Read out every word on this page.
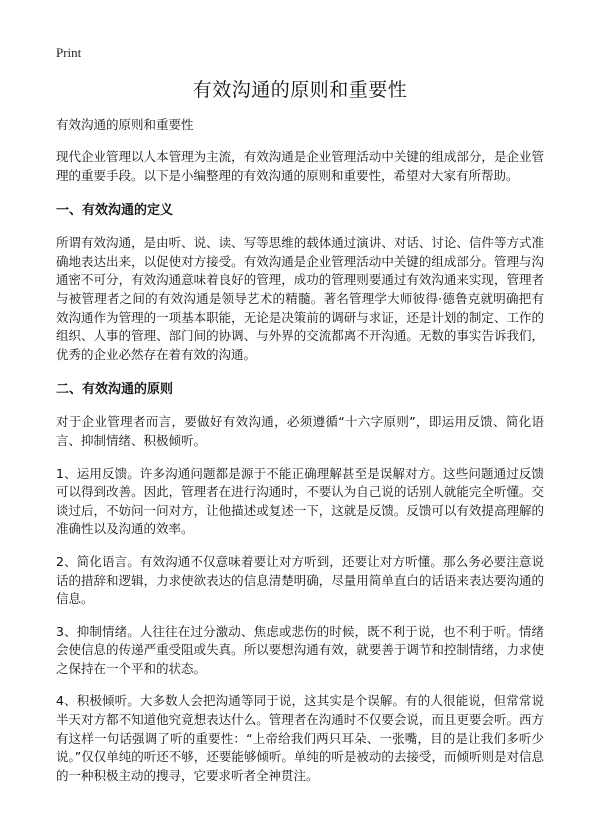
Print
有效沟通的原则和重要性
有效沟通的原则和重要性

现代企业管理以人本管理为主流，有效沟通是企业管理活动中关键的组成部分，是企业管理的重要手段。以下是小编整理的有效沟通的原则和重要性，希望对大家有所帮助。

一、有效沟通的定义

所谓有效沟通，是由听、说、读、写等思维的载体通过演讲、对话、讨论、信件等方式准确地表达出来，以促使对方接受。有效沟通是企业管理活动中关键的组成部分。管理与沟通密不可分，有效沟通意味着良好的管理，成功的管理则要通过有效沟通来实现，管理者与被管理者之间的有效沟通是领导艺术的精髓。著名管理学大师彼得·德鲁克就明确把有效沟通作为管理的一项基本职能，无论是决策前的调研与求证，还是计划的制定、工作的组织、人事的管理、部门间的协调、与外界的交流都离不开沟通。无数的事实告诉我们，优秀的企业必然存在着有效的沟通。

二、有效沟通的原则

对于企业管理者而言，要做好有效沟通，必须遵循“十六字原则”，即运用反馈、简化语言、抑制情绪、积极倾听。

1、运用反馈。许多沟通问题都是源于不能正确理解甚至是误解对方。这些问题通过反馈可以得到改善。因此，管理者在进行沟通时，不要认为自己说的话别人就能完全听懂。交谈过后，不妨问一问对方，让他描述或复述一下，这就是反馈。反馈可以有效提高理解的准确性以及沟通的效率。

2、简化语言。有效沟通不仅意味着要让对方听到，还要让对方听懂。那么务必要注意说话的措辞和逻辑，力求使欲表达的信息清楚明确，尽量用简单直白的话语来表达要沟通的信息。

3、抑制情绪。人往往在过分激动、焦虑或悲伤的时候，既不利于说，也不利于听。情绪会使信息的传递严重受阻或失真。所以要想沟通有效，就要善于调节和控制情绪，力求使之保持在一个平和的状态。

4、积极倾听。大多数人会把沟通等同于说，这其实是个误解。有的人很能说，但常常说半天对方都不知道他究竟想表达什么。管理者在沟通时不仅要会说，而且更要会听。西方有这样一句话强调了听的重要性：“上帝给我们两只耳朵、一张嘴，目的是让我们多听少说。”仅仅单纯的听还不够，还要能够倾听。单纯的听是被动的去接受，而倾听则是对信息的一种积极主动的搜寻，它要求听者全神贯注。
